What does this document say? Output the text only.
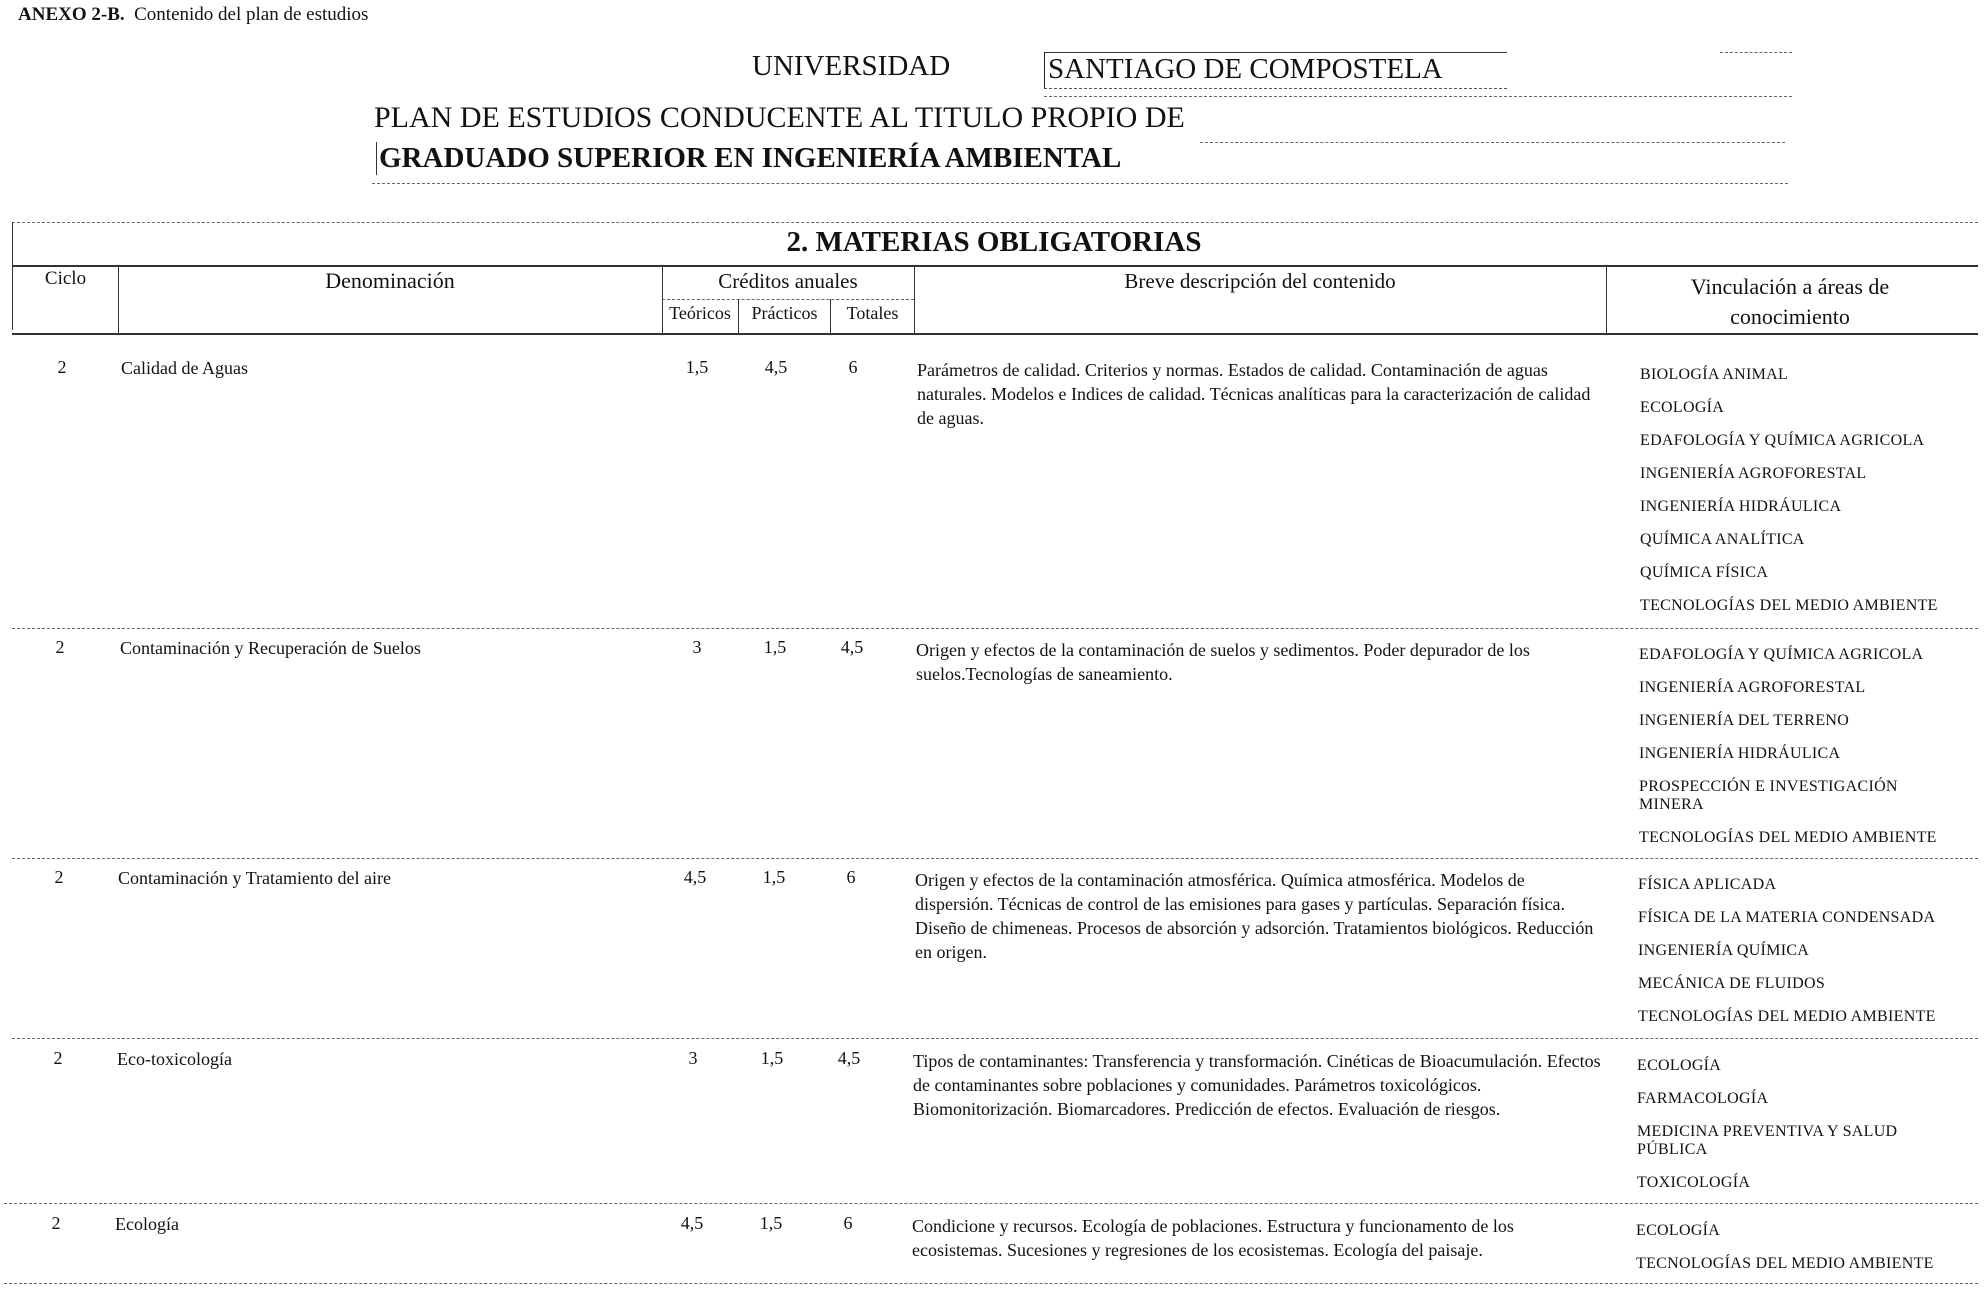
ANEXO 2-B. Contenido del plan de estudios
UNIVERSIDAD	SANTIAGO DE COMPOSTELA
PLAN DE ESTUDIOS CONDUCENTE AL TITULO PROPIO DE
GRADUADO SUPERIOR EN INGENIERÍA AMBIENTAL
2. MATERIAS OBLIGATORIAS
Ciclo	Denominación	Créditos anuales
Teóricos	Prácticos	Totales
Breve descripción del contenido	Vinculación a áreas de conocimiento
2	Calidad de Aguas	1,5	4,5	6	Parámetros de calidad. Criterios y normas. Estados de calidad. Contaminación de aguas naturales. Modelos e Indices de calidad. Técnicas analíticas para la caracterización de calidad de aguas.
BIOLOGÍA ANIMAL
ECOLOGÍA
EDAFOLOGÍA Y QUÍMICA AGRICOLA
INGENIERÍA AGROFORESTAL
INGENIERÍA HIDRÁULICA
QUÍMICA ANALÍTICA
QUÍMICA FÍSICA
TECNOLOGÍAS DEL MEDIO AMBIENTE
2	Contaminación y Recuperación de Suelos	3	1,5	4,5	Origen y efectos de la contaminación de suelos y sedimentos. Poder depurador de los suelos.Tecnologías de saneamiento.
EDAFOLOGÍA Y QUÍMICA AGRICOLA
INGENIERÍA AGROFORESTAL
INGENIERÍA DEL TERRENO
INGENIERÍA HIDRÁULICA
PROSPECCIÓN E INVESTIGACIÓN MINERA
TECNOLOGÍAS DEL MEDIO AMBIENTE
2	Contaminación y Tratamiento del aire	4,5	1,5	6	Origen y efectos de la contaminación atmosférica. Química atmosférica. Modelos de dispersión. Técnicas de control de las emisiones para gases y partículas. Separación física. Diseño de chimeneas. Procesos de absorción y adsorción. Tratamientos biológicos. Reducción en origen.
FÍSICA APLICADA
FÍSICA DE LA MATERIA CONDENSADA
INGENIERÍA QUÍMICA
MECÁNICA DE FLUIDOS
TECNOLOGÍAS DEL MEDIO AMBIENTE
2	Eco-toxicología	3	1,5	4,5	Tipos de contaminantes: Transferencia y transformación. Cinéticas de Bioacumulación. Efectos de contaminantes sobre poblaciones y comunidades. Parámetros toxicológicos. Biomonitorización. Biomarcadores. Predicción de efectos. Evaluación de riesgos.
ECOLOGÍA
FARMACOLOGÍA
MEDICINA PREVENTIVA Y SALUD PÚBLICA
TOXICOLOGÍA
2	Ecología	4,5	1,5	6	Condicione y recursos. Ecología de poblaciones. Estructura y funcionamento de los ecosistemas. Sucesiones y regresiones de los ecosistemas. Ecología del paisaje.
ECOLOGÍA
TECNOLOGÍAS DEL MEDIO AMBIENTE
